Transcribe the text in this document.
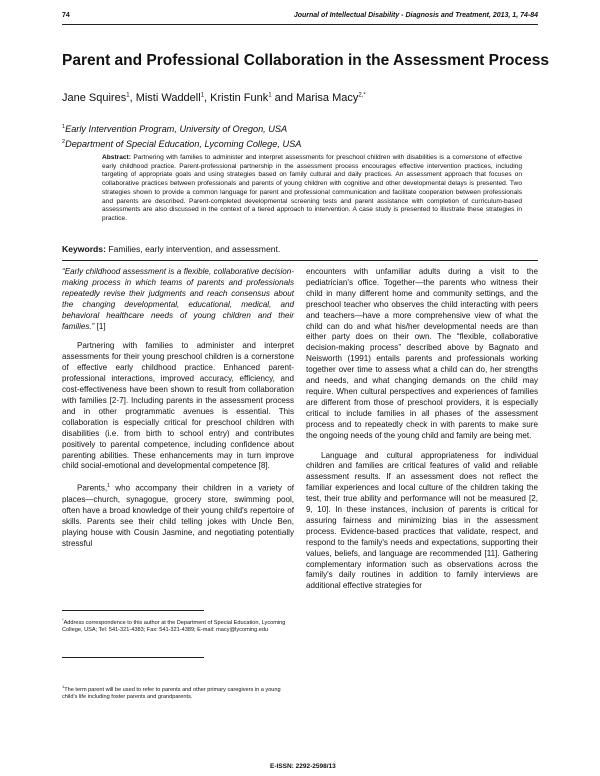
74	Journal of Intellectual Disability - Diagnosis and Treatment, 2013, 1, 74-84
Parent and Professional Collaboration in the Assessment Process
Jane Squires$^1$, Misti Waddell$^1$, Kristin Funk$^1$ and Marisa Macy$^{2,*}$
$^1$Early Intervention Program, University of Oregon, USA
$^2$Department of Special Education, Lycoming College, USA
Abstract: Partnering with families to administer and interpret assessments for preschool children with disabilities is a cornerstone of effective early childhood practice. Parent-professional partnership in the assessment process encourages effective intervention practices, including targeting of appropriate goals and using strategies based on family cultural and daily practices. An assessment approach that focuses on collaborative practices between professionals and parents of young children with cognitive and other developmental delays is presented. Two strategies shown to provide a common language for parent and professional communication and facilitate cooperation between professionals and parents are described. Parent-completed developmental screening tests and parent assistance with completion of curriculum-based assessments are also discussed in the context of a tiered approach to intervention. A case study is presented to illustrate these strategies in practice.
Keywords: Families, early intervention, and assessment.

“Early childhood assessment is a flexible, collaborative decision-making process in which teams of parents and professionals repeatedly revise their judgments and reach consensus about the changing developmental, educational, medical, and behavioral healthcare needs of young children and their families.” [1]

Partnering with families to administer and interpret assessments for their young preschool children is a cornerstone of effective early childhood practice. Enhanced parent-professional interactions, improved accuracy, efficiency, and cost-effectiveness have been shown to result from collaboration with families [2-7]. Including parents in the assessment process and in other programmatic avenues is essential. This collaboration is especially critical for preschool children with disabilities (i.e. from birth to school entry) and contributes positively to parental competence, including confidence about parenting abilities. These enhancements may in turn improve child social-emotional and developmental competence [8].

Parents,$^1$ who accompany their children in a variety of places—church, synagogue, grocery store, swimming pool, often have a broad knowledge of their young child's repertoire of skills. Parents see their child telling jokes with Uncle Ben, playing house with Cousin Jasmine, and negotiating potentially stressful

encounters with unfamiliar adults during a visit to the pediatrician's office. Together—the parents who witness their child in many different home and community settings, and the preschool teacher who observes the child interacting with peers and teachers—have a more comprehensive view of what the child can do and what his/her developmental needs are than either party does on their own. The “flexible, collaborative decision-making process” described above by Bagnato and Neisworth (1991) entails parents and professionals working together over time to assess what a child can do, her strengths and needs, and what changing demands on the child may require. When cultural perspectives and experiences of families are different from those of preschool providers, it is especially critical to include families in all phases of the assessment process and to repeatedly check in with parents to make sure the ongoing needs of the young child and family are being met.

Language and cultural appropriateness for individual children and families are critical features of valid and reliable assessment results. If an assessment does not reflect the familiar experiences and local culture of the children taking the test, their true ability and performance will not be measured [2, 9, 10]. In these instances, inclusion of parents is critical for assuring fairness and minimizing bias in the assessment process. Evidence-based practices that validate, respect, and respond to the family's needs and expectations, supporting their values, beliefs, and language are recommended [11]. Gathering complementary information such as observations across the family's daily routines in addition to family interviews are additional effective strategies for

*Address correspondence to this author at the Department of Special Education, Lycoming College, USA; Tel: 541-321-4383; Fax: 541-321-4389; E-mail: macy@lycoming.edu
$^1$The term parent will be used to refer to parents and other primary caregivers in a young child's life including foster parents and grandparents.
E-ISSN: 2292-2598/13
